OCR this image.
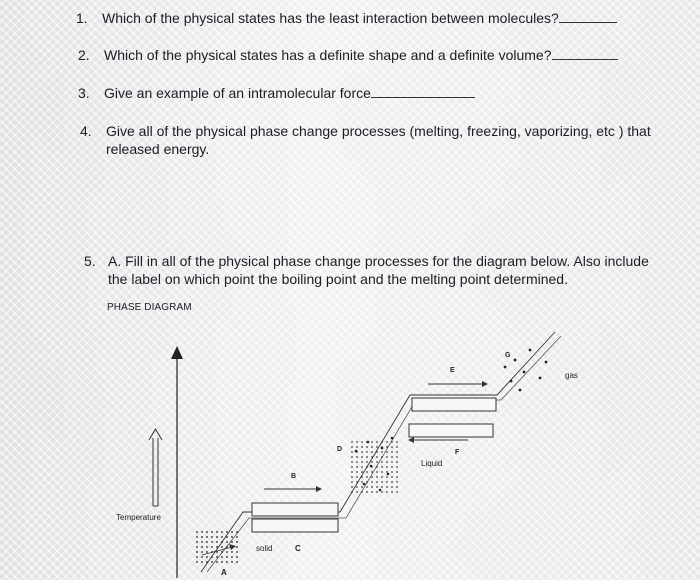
1. Which of the physical states has the least interaction between molecules?
2. Which of the physical states has a definite shape and a definite volume?
3. Give an example of an intramolecular force
4. Give all of the physical phase change processes (melting, freezing, vaporizing, etc ) that
released energy.
5. A. Fill in all of the physical phase change processes for the diagram below. Also include
the label on which point the boiling point and the melting point determined.
PHASE DIAGRAM
Temperature
A
B
C
D
E
F
G
solid
Liquid
gas
